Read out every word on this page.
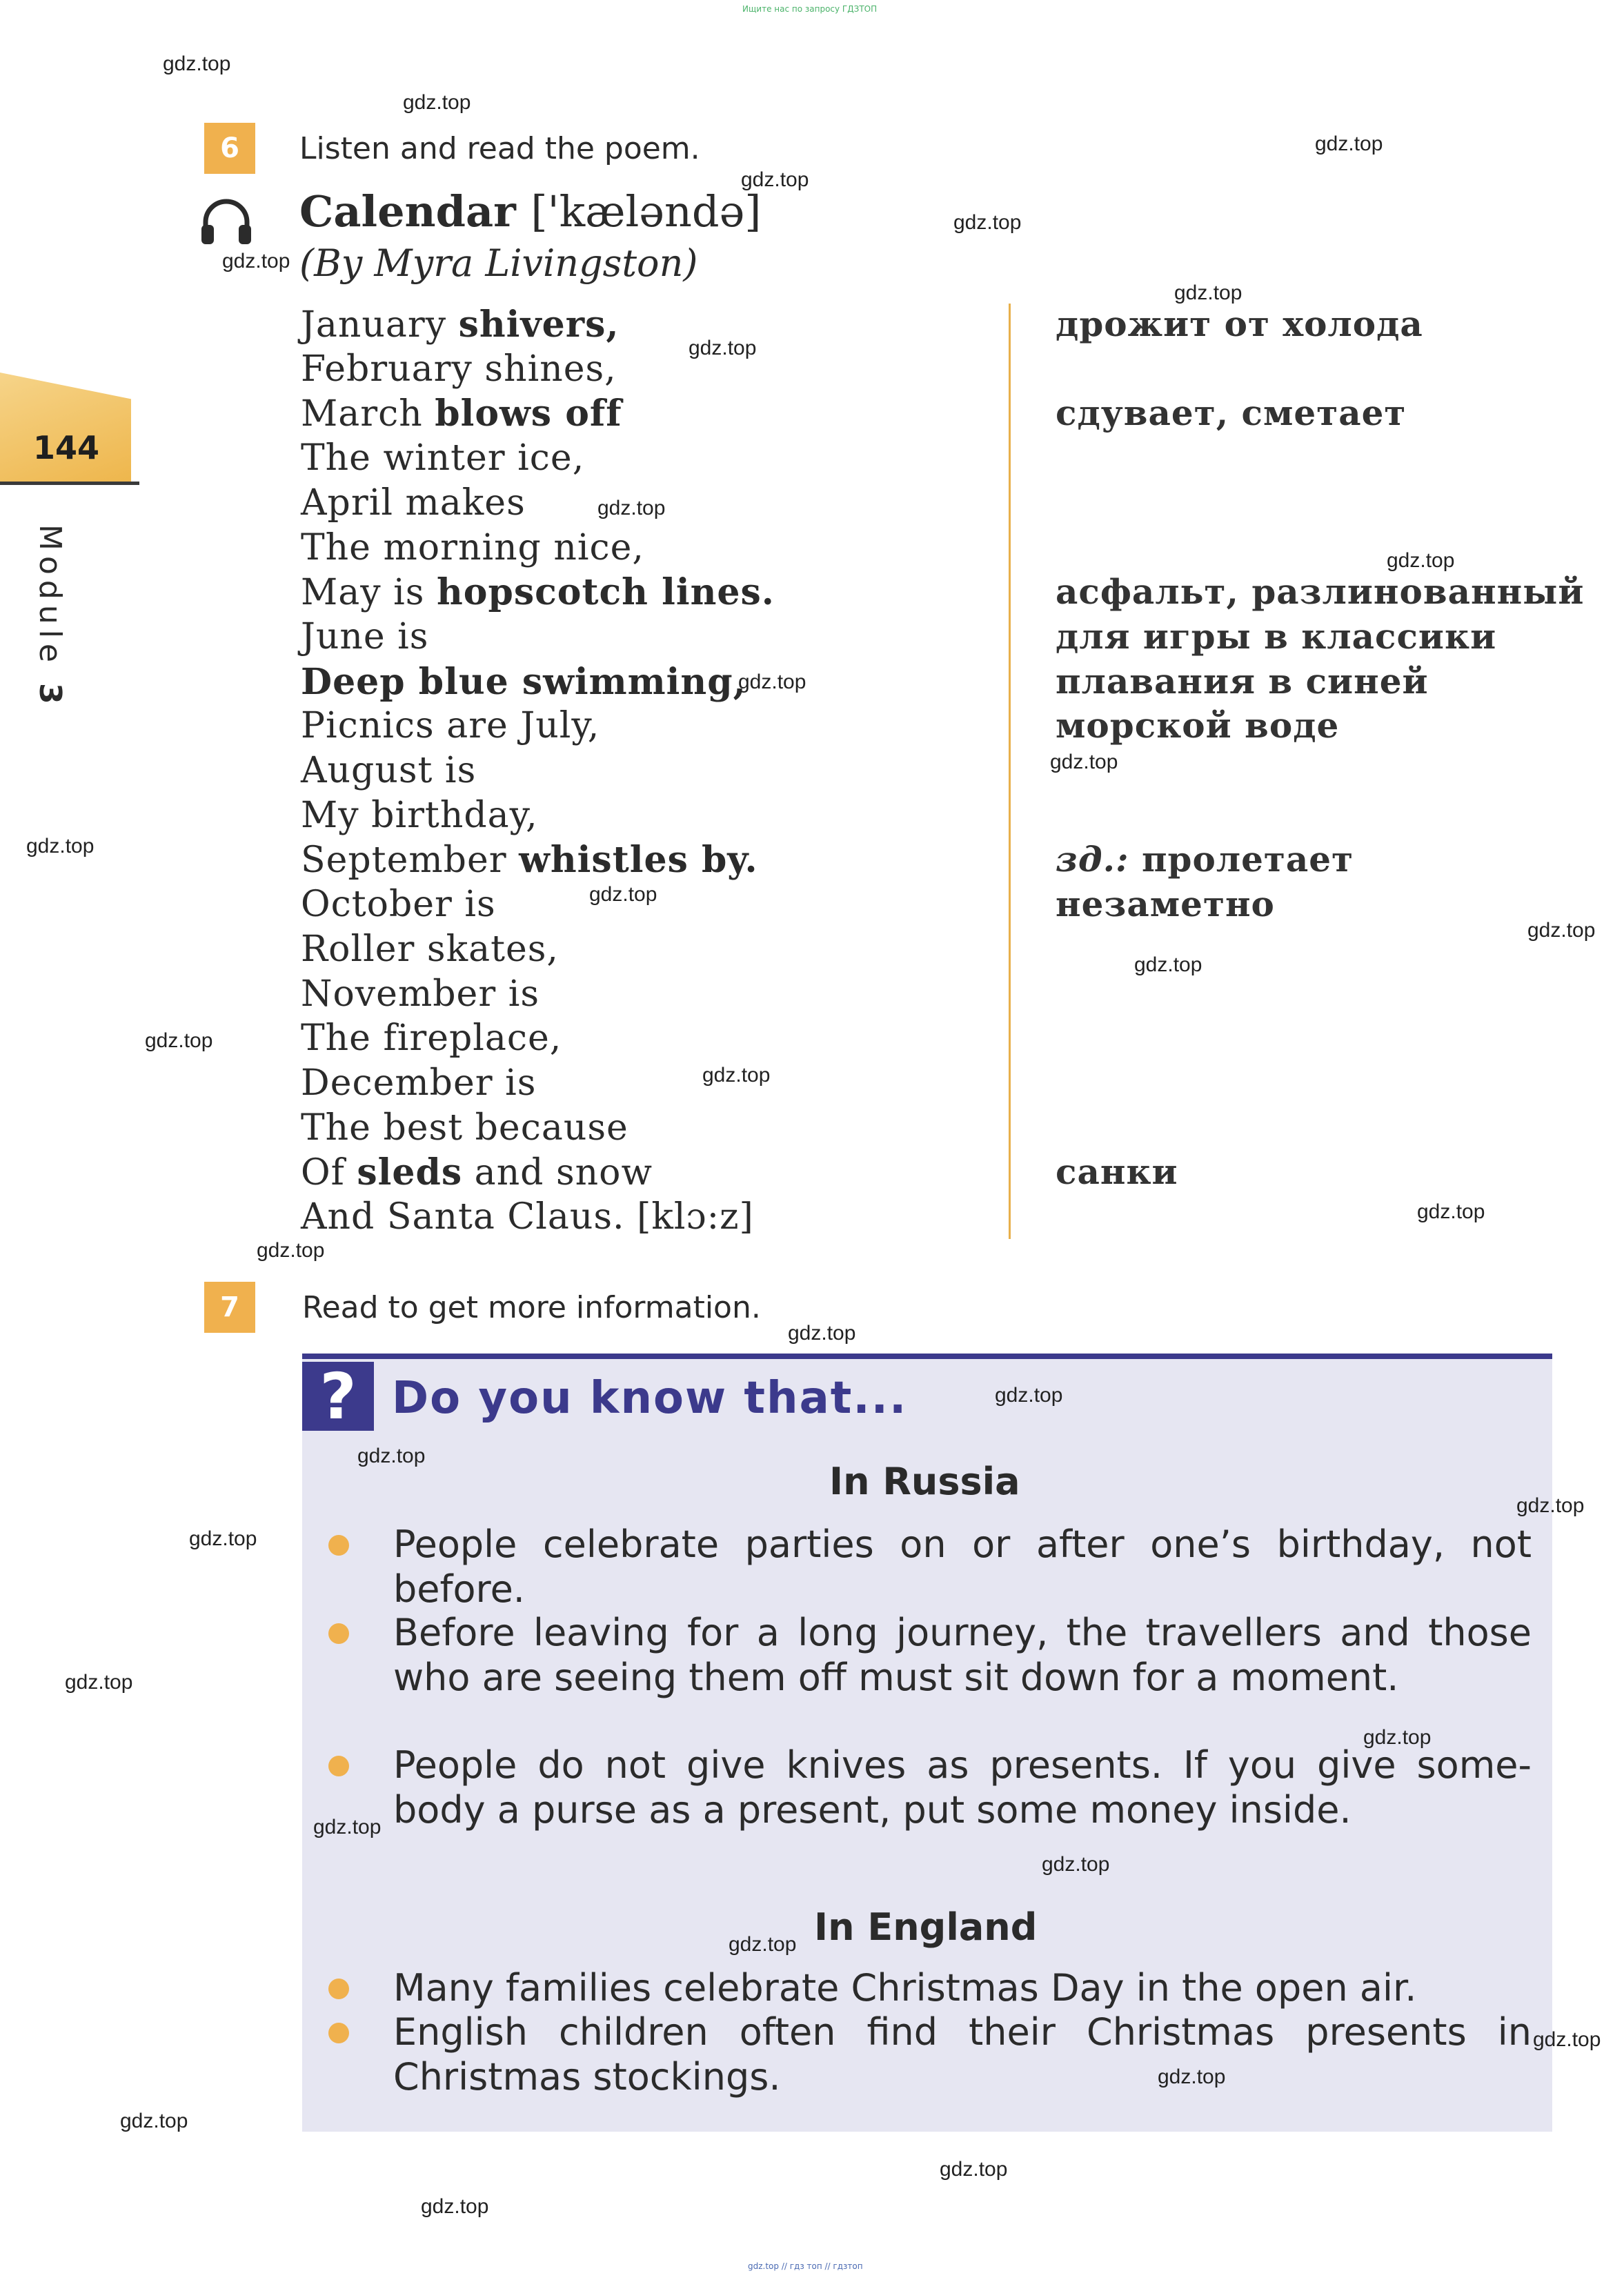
Ищите нас по запросу ГДЗТОП
gdz.top // гдз топ // гдзтоп
144
Module 3
6	Listen and read the poem.
Calendar ['kæləndə]
(By Myra Livingston)
January shivers,
February shines,
March blows off
The winter ice,
April makes
The morning nice,
May is hopscotch lines.
June is
Deep blue swimming,
Picnics are July,
August is
My birthday,
September whistles by.
October is
Roller skates,
November is
The fireplace,
December is
The best because
Of sleds and snow
And Santa Claus. [klɔ:z]
дрожит от холода
сдувает, сметает
асфальт, разлинованный
для игры в классики
плавания в синей
морской воде
зд.: пролетает
незаметно
санки
7	Read to get more information.
? Do you know that...
In Russia
People celebrate parties on or after one’s birthday, not before.
Before leaving for a long journey, the travellers and those who are seeing them off must sit down for a moment.
People do not give knives as presents. If you give some-body a purse as a present, put some money inside.
In England
Many families celebrate Christmas Day in the open air.
English children often find their Christmas presents in Christmas stockings.
gdz.top
gdz.top
gdz.top
gdz.top
gdz.top
gdz.top
gdz.top
gdz.top
gdz.top
gdz.top
gdz.top
gdz.top
gdz.top
gdz.top
gdz.top
gdz.top
gdz.top
gdz.top
gdz.top
gdz.top
gdz.top
gdz.top
gdz.top
gdz.top
gdz.top
gdz.top
gdz.top
gdz.top
gdz.top
gdz.top
gdz.top
gdz.top
gdz.top
gdz.top
gdz.top
